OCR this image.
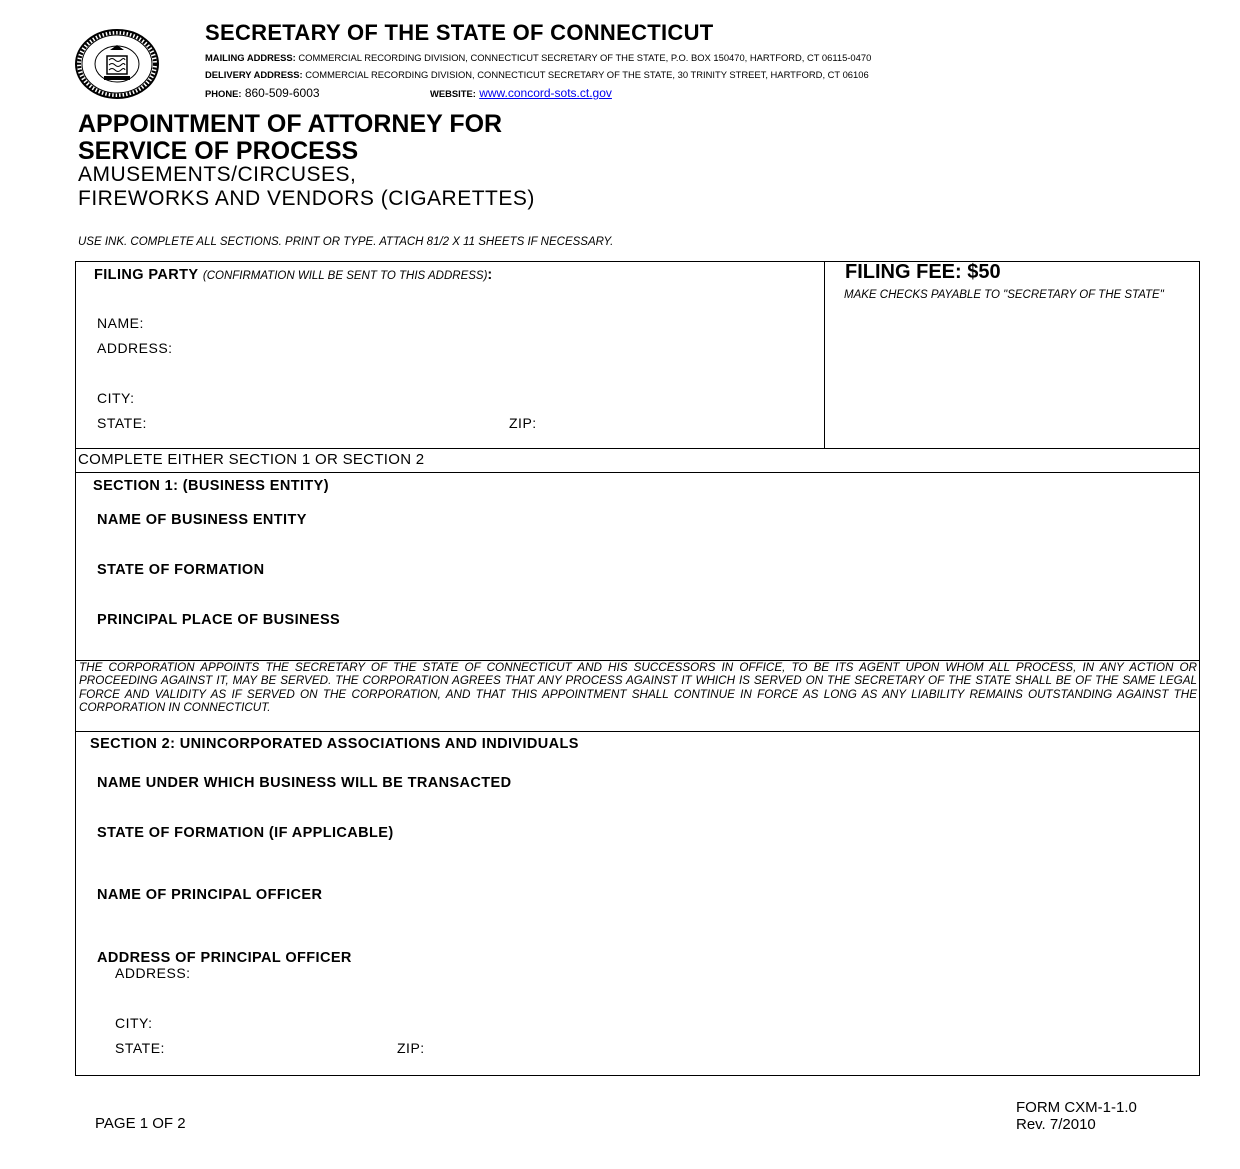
SECRETARY OF THE STATE OF CONNECTICUT
MAILING ADDRESS: COMMERCIAL RECORDING DIVISION, CONNECTICUT SECRETARY OF THE STATE, P.O. BOX 150470, HARTFORD, CT 06115-0470
DELIVERY ADDRESS: COMMERCIAL RECORDING DIVISION, CONNECTICUT SECRETARY OF THE STATE, 30 TRINITY STREET, HARTFORD, CT 06106
PHONE: 860-509-6003	WEBSITE: www.concord-sots.ct.gov
APPOINTMENT OF ATTORNEY FOR
SERVICE OF PROCESS
AMUSEMENTS/CIRCUSES,
FIREWORKS AND VENDORS (CIGARETTES)
USE INK. COMPLETE ALL SECTIONS. PRINT OR TYPE. ATTACH 81/2 X 11 SHEETS IF NECESSARY.
FILING PARTY (CONFIRMATION WILL BE SENT TO THIS ADDRESS):
NAME:
ADDRESS:
CITY:
STATE:	ZIP:
FILING FEE: $50
MAKE CHECKS PAYABLE TO "SECRETARY OF THE STATE"
COMPLETE EITHER SECTION 1 OR SECTION 2
SECTION 1: (BUSINESS ENTITY)
NAME OF BUSINESS ENTITY
STATE OF FORMATION
PRINCIPAL PLACE OF BUSINESS
THE CORPORATION APPOINTS THE SECRETARY OF THE STATE OF CONNECTICUT AND HIS SUCCESSORS IN OFFICE, TO BE ITS AGENT UPON WHOM ALL PROCESS, IN ANY ACTION OR PROCEEDING AGAINST IT, MAY BE SERVED. THE CORPORATION AGREES THAT ANY PROCESS AGAINST IT WHICH IS SERVED ON THE SECRETARY OF THE STATE SHALL BE OF THE SAME LEGAL FORCE AND VALIDITY AS IF SERVED ON THE CORPORATION, AND THAT THIS APPOINTMENT SHALL CONTINUE IN FORCE AS LONG AS ANY LIABILITY REMAINS OUTSTANDING AGAINST THE CORPORATION IN CONNECTICUT.
SECTION 2: UNINCORPORATED ASSOCIATIONS AND INDIVIDUALS
NAME UNDER WHICH BUSINESS WILL BE TRANSACTED
STATE OF FORMATION (IF APPLICABLE)
NAME OF PRINCIPAL OFFICER
ADDRESS OF PRINCIPAL OFFICER
ADDRESS:
CITY:
STATE:	ZIP:
PAGE 1 OF 2
FORM CXM-1-1.0
Rev. 7/2010
